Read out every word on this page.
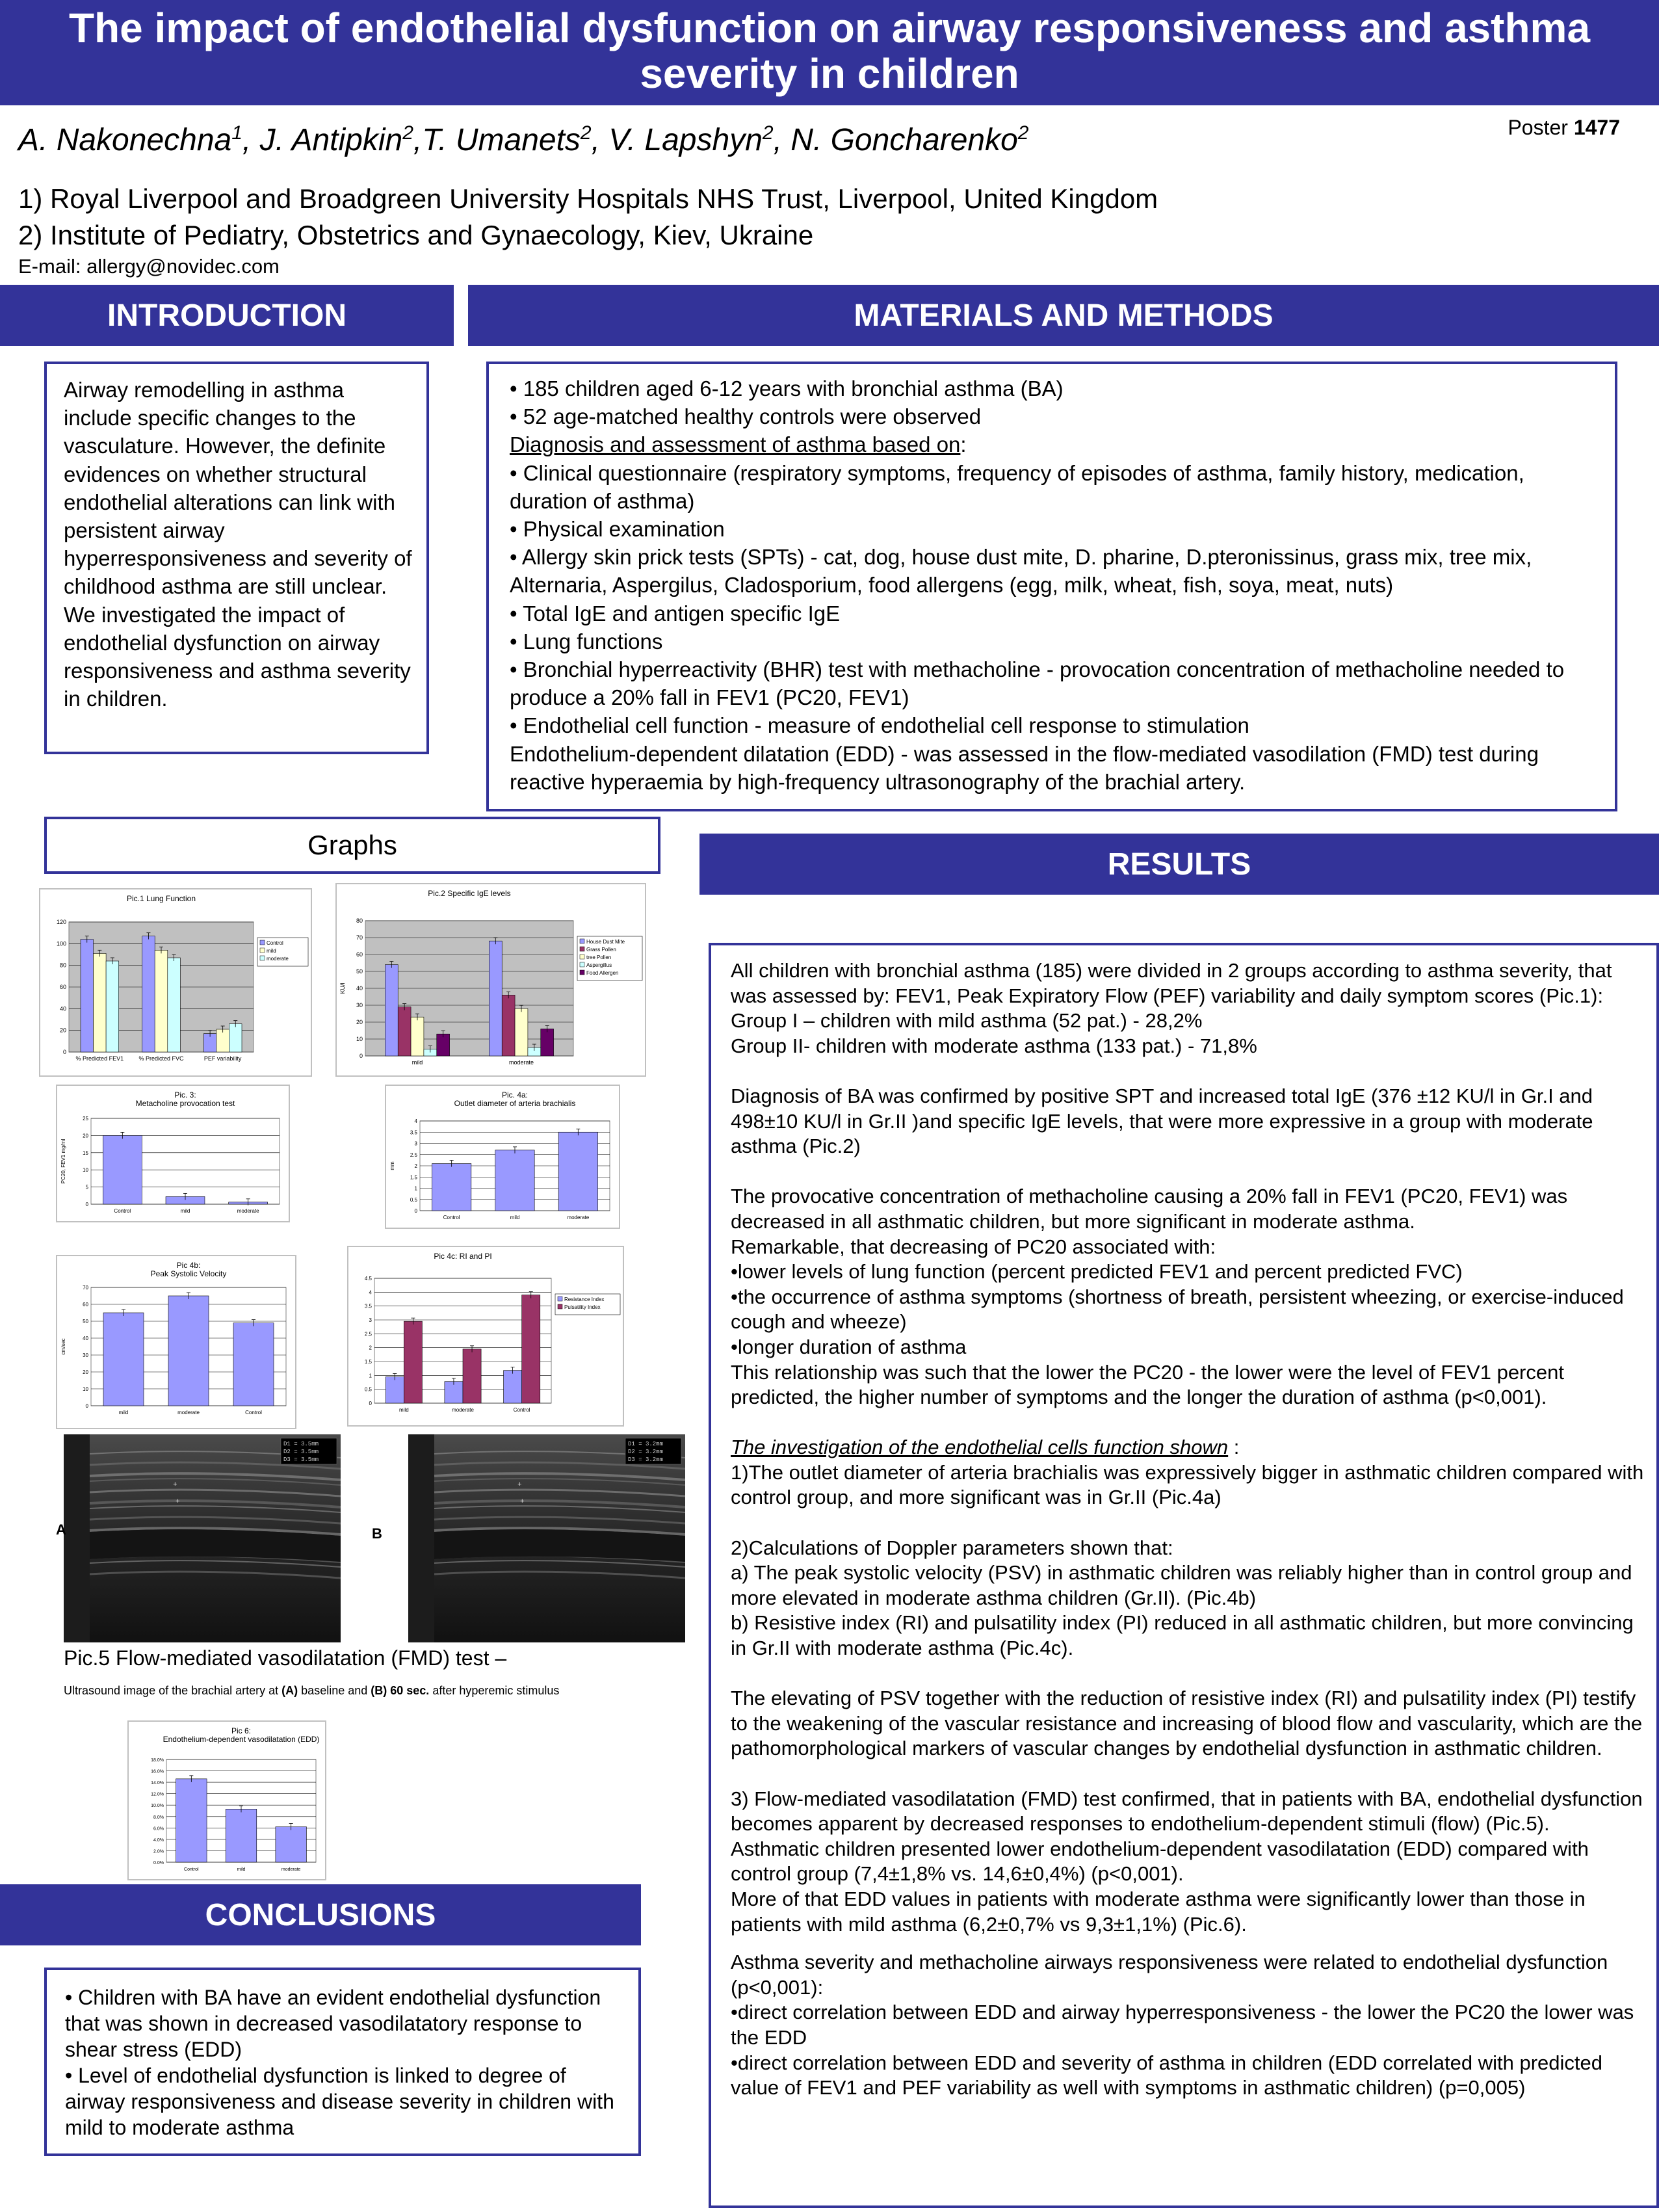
The impact of endothelial dysfunction on airway responsiveness and asthma severity in children
A. Nakonechna$^1$, J. Antipkin$^2$,T. Umanets$^2$, V. Lapshyn$^2$, N. Goncharenko$^2$	Poster 1477
1) Royal Liverpool and Broadgreen University Hospitals NHS Trust, Liverpool, United Kingdom
2) Institute of Pediatry, Obstetrics and Gynaecology, Kiev, Ukraine
E-mail: allergy@novidec.com
INTRODUCTION
Airway remodelling in asthma include specific changes to the vasculature. However, the definite evidences on whether structural endothelial alterations can link with persistent airway hyperresponsiveness and severity of childhood asthma are still unclear.
We investigated the impact of endothelial dysfunction on airway responsiveness and asthma severity in children.
MATERIALS AND METHODS
• 185 children aged 6-12 years with bronchial asthma (BA)
• 52 age-matched healthy controls were observed
Diagnosis and assessment of asthma based on:
• Clinical questionnaire (respiratory symptoms, frequency of episodes of asthma, family history, medication, duration of asthma)
• Physical examination
• Allergy skin prick tests (SPTs) - cat, dog, house dust mite, D. pharine, D.pteronissinus, grass mix, tree mix, Alternaria, Aspergilus, Cladosporium, food allergens (egg, milk, wheat, fish, soya, meat, nuts)
• Total IgE and antigen specific IgE
• Lung functions
• Bronchial hyperreactivity (BHR) test with methacholine - provocation concentration of methacholine needed to produce a 20% fall in FEV1 (PC20, FEV1)
• Endothelial cell function - measure of endothelial cell response to stimulation
Endothelium-dependent dilatation (EDD) - was assessed in the flow-mediated vasodilation (FMD) test during reactive hyperaemia by high-frequency ultrasonography of the brachial artery.
Graphs
Pic.1 Lung Function
0
20
40
60
80
100
120
% Predicted FEV1	% Predicted FVC	PEF variability
Control
mild
moderate
Pic.2 Specific IgE levels
0
10
20
30
40
50
60
70
80
KU/l
mild	moderate
House Dust Mite
Grass Pollen
tree Pollen
Aspergillus
Food Allergen
Pic. 3: Metacholine provocation test
0
5
10
15
20
25
PC20, FEV1 mg/ml
Control	mild	moderate
Pic. 4a: Outlet diameter of arteria brachialis
0
0.5
1
1.5
2
2.5
3
3.5
4
mm
Control	mild	moderate
Pic 4b: Peak Systolic Velocity
0
10
20
30
40
50
60
70
cm/sec
mild	moderate	Control
Pic 4c: RI and PI
0
0.5
1
1.5
2
2.5
3
3.5
4
4.5
mild	moderate	Control
Resistance Index
Pulsatility Index
+
+
D1 = 3.5mm
D2 = 3.5mm
D3 = 3.5mm
A
+
+
D1 = 3.2mm
D2 = 3.2mm
D3 = 3.2mm
B
Pic.5 Flow-mediated vasodilatation (FMD) test –
Ultrasound image of the brachial artery at (A) baseline and (B) 60 sec. after hyperemic stimulus
Pic 6: Endothelium-dependent vasodilatation (EDD)
0.0%
2.0%
4.0%
6.0%
8.0%
10.0%
12.0%
14.0%
16.0%
18.0%
Control	mild	moderate
CONCLUSIONS
• Children with BA have an evident endothelial dysfunction that was shown in decreased vasodilatatory response to shear stress (EDD)
• Level of endothelial dysfunction is linked to degree of airway responsiveness and disease severity in children with mild to moderate asthma
RESULTS

All children with bronchial asthma (185) were divided in 2 groups according to asthma severity, that was assessed by: FEV1, Peak Expiratory Flow (PEF) variability and daily symptom scores (Pic.1):

Group I – children with mild asthma (52 pat.) - 28,2%

Group II- children with moderate asthma (133 pat.) - 71,8%

Diagnosis of BA was confirmed by positive SPT and increased total IgE (376 ±12 KU/l in Gr.I and 498±10 KU/l in Gr.II )and specific IgE levels, that were more expressive in a group with moderate asthma (Pic.2)

The provocative concentration of methacholine causing a 20% fall in FEV1 (PC20, FEV1) was decreased in all asthmatic children, but more significant in moderate asthma.

Remarkable, that decreasing of PC20 associated with:

•lower levels of lung function (percent predicted FEV1 and percent predicted FVC)

•the occurrence of asthma symptoms (shortness of breath, persistent wheezing, or exercise-induced cough and wheeze)

•longer duration of asthma

This relationship was such that the lower the PC20 - the lower were the level of FEV1 percent predicted, the higher number of symptoms and the longer the duration of asthma (p<0,001).

The investigation of the endothelial cells function shown :

1)The outlet diameter of arteria brachialis was expressively bigger in asthmatic children compared with control group, and more significant was in Gr.II (Pic.4a)

2)Calculations of Doppler parameters shown that:

a) The peak systolic velocity (PSV) in asthmatic children was reliably higher than in control group and more elevated in moderate asthma children (Gr.II). (Pic.4b)

b) Resistive index (RI) and pulsatility index (PI) reduced in all asthmatic children, but more convincing in Gr.II with moderate asthma (Pic.4c).

The elevating of PSV together with the reduction of resistive index (RI) and pulsatility index (PI) testify to the weakening of the vascular resistance and increasing of blood flow and vascularity, which are the pathomorphological markers of vascular changes by endothelial dysfunction in asthmatic children.

3) Flow-mediated vasodilatation (FMD) test confirmed, that in patients with BA, endothelial dysfunction becomes apparent by decreased responses to endothelium-dependent stimuli (flow) (Pic.5).

Asthmatic children presented lower endothelium-dependent vasodilatation (EDD) compared with control group (7,4±1,8% vs. 14,6±0,4%) (p<0,001).

More of that EDD values in patients with moderate asthma were significantly lower than those in patients with mild asthma (6,2±0,7% vs 9,3±1,1%) (Pic.6).

Asthma severity and methacholine airways responsiveness were related to endothelial dysfunction (p<0,001):

•direct correlation between EDD and airway hyperresponsiveness - the lower the PC20 the lower was the EDD

•direct correlation between EDD and severity of asthma in children (EDD correlated with predicted value of FEV1 and PEF variability as well with symptoms in asthmatic children) (p=0,005)
